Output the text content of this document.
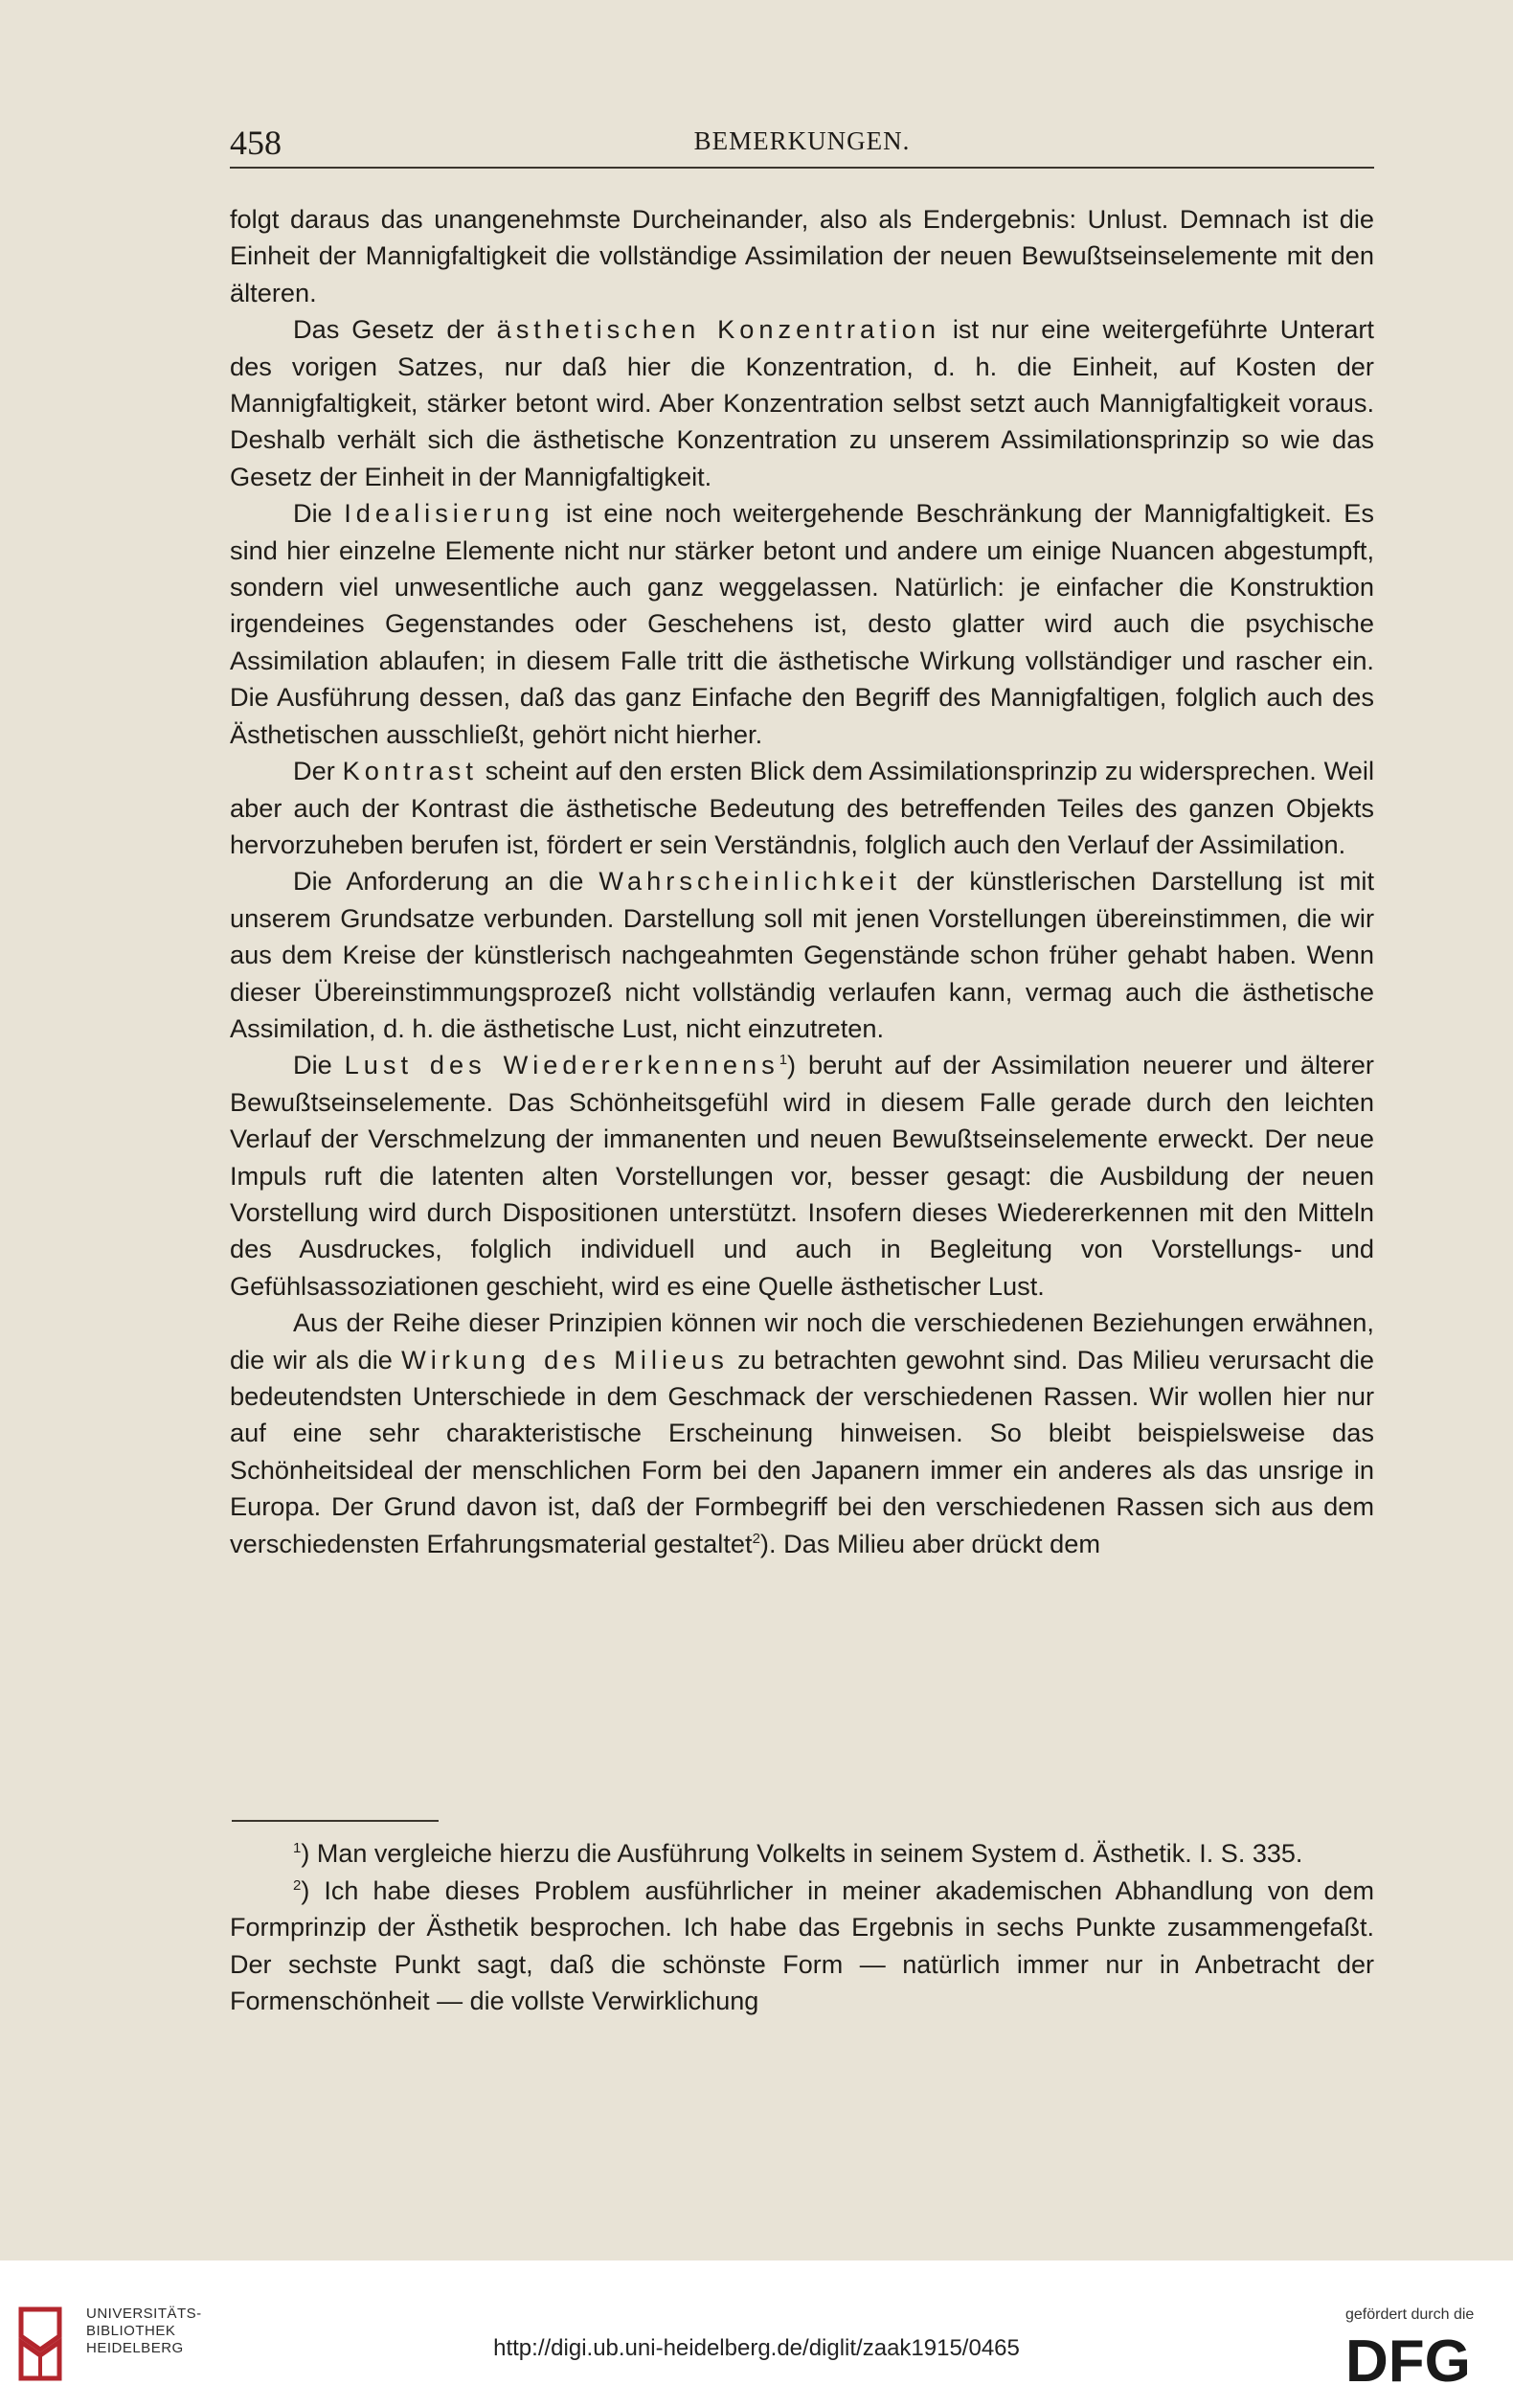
458	BEMERKUNGEN.

folgt daraus das unangenehmste Durcheinander, also als Endergebnis: Unlust. Demnach ist die Einheit der Mannigfaltigkeit die vollständige Assimilation der neuen Bewußtseinselemente mit den älteren.

Das Gesetz der ästhetischen Konzentration ist nur eine weitergeführte Unterart des vorigen Satzes, nur daß hier die Konzentration, d. h. die Einheit, auf Kosten der Mannigfaltigkeit, stärker betont wird. Aber Konzentration selbst setzt auch Mannigfaltigkeit voraus. Deshalb verhält sich die ästhetische Konzentration zu unserem Assimilationsprinzip so wie das Gesetz der Einheit in der Mannigfaltigkeit.

Die Idealisierung ist eine noch weitergehende Beschränkung der Mannigfaltigkeit. Es sind hier einzelne Elemente nicht nur stärker betont und andere um einige Nuancen abgestumpft, sondern viel unwesentliche auch ganz weggelassen. Natürlich: je einfacher die Konstruktion irgendeines Gegenstandes oder Geschehens ist, desto glatter wird auch die psychische Assimilation ablaufen; in diesem Falle tritt die ästhetische Wirkung vollständiger und rascher ein. Die Ausführung dessen, daß das ganz Einfache den Begriff des Mannigfaltigen, folglich auch des Ästhetischen ausschließt, gehört nicht hierher.

Der Kontrast scheint auf den ersten Blick dem Assimilationsprinzip zu widersprechen. Weil aber auch der Kontrast die ästhetische Bedeutung des betreffenden Teiles des ganzen Objekts hervorzuheben berufen ist, fördert er sein Verständnis, folglich auch den Verlauf der Assimilation.

Die Anforderung an die Wahrscheinlichkeit der künstlerischen Darstellung ist mit unserem Grundsatze verbunden. Darstellung soll mit jenen Vorstellungen übereinstimmen, die wir aus dem Kreise der künstlerisch nachgeahmten Gegenstände schon früher gehabt haben. Wenn dieser Übereinstimmungsprozeß nicht vollständig verlaufen kann, vermag auch die ästhetische Assimilation, d. h. die ästhetische Lust, nicht einzutreten.

Die Lust des Wiedererkennens$^1$) beruht auf der Assimilation neuerer und älterer Bewußtseinselemente. Das Schönheitsgefühl wird in diesem Falle gerade durch den leichten Verlauf der Verschmelzung der immanenten und neuen Bewußtseinselemente erweckt. Der neue Impuls ruft die latenten alten Vorstellungen vor, besser gesagt: die Ausbildung der neuen Vorstellung wird durch Dispositionen unterstützt. Insofern dieses Wiedererkennen mit den Mitteln des Ausdruckes, folglich individuell und auch in Begleitung von Vorstellungs- und Gefühlsassoziationen geschieht, wird es eine Quelle ästhetischer Lust.

Aus der Reihe dieser Prinzipien können wir noch die verschiedenen Beziehungen erwähnen, die wir als die Wirkung des Milieus zu betrachten gewohnt sind. Das Milieu verursacht die bedeutendsten Unterschiede in dem Geschmack der verschiedenen Rassen. Wir wollen hier nur auf eine sehr charakteristische Erscheinung hinweisen. So bleibt beispielsweise das Schönheitsideal der menschlichen Form bei den Japanern immer ein anderes als das unsrige in Europa. Der Grund davon ist, daß der Formbegriff bei den verschiedenen Rassen sich aus dem verschiedensten Erfahrungsmaterial gestaltet$^2$). Das Milieu aber drückt dem

$^1$) Man vergleiche hierzu die Ausführung Volkelts in seinem System d. Ästhetik. I. S. 335.

$^2$) Ich habe dieses Problem ausführlicher in meiner akademischen Abhandlung von dem Formprinzip der Ästhetik besprochen. Ich habe das Ergebnis in sechs Punkte zusammengefaßt. Der sechste Punkt sagt, daß die schönste Form — natürlich immer nur in Anbetracht der Formenschönheit — die vollste Verwirklichung

UNIVERSITÄTS-
BIBLIOTHEK
HEIDELBERG	http://digi.ub.uni-heidelberg.de/diglit/zaak1915/0465
gefördert durch die
DFG
